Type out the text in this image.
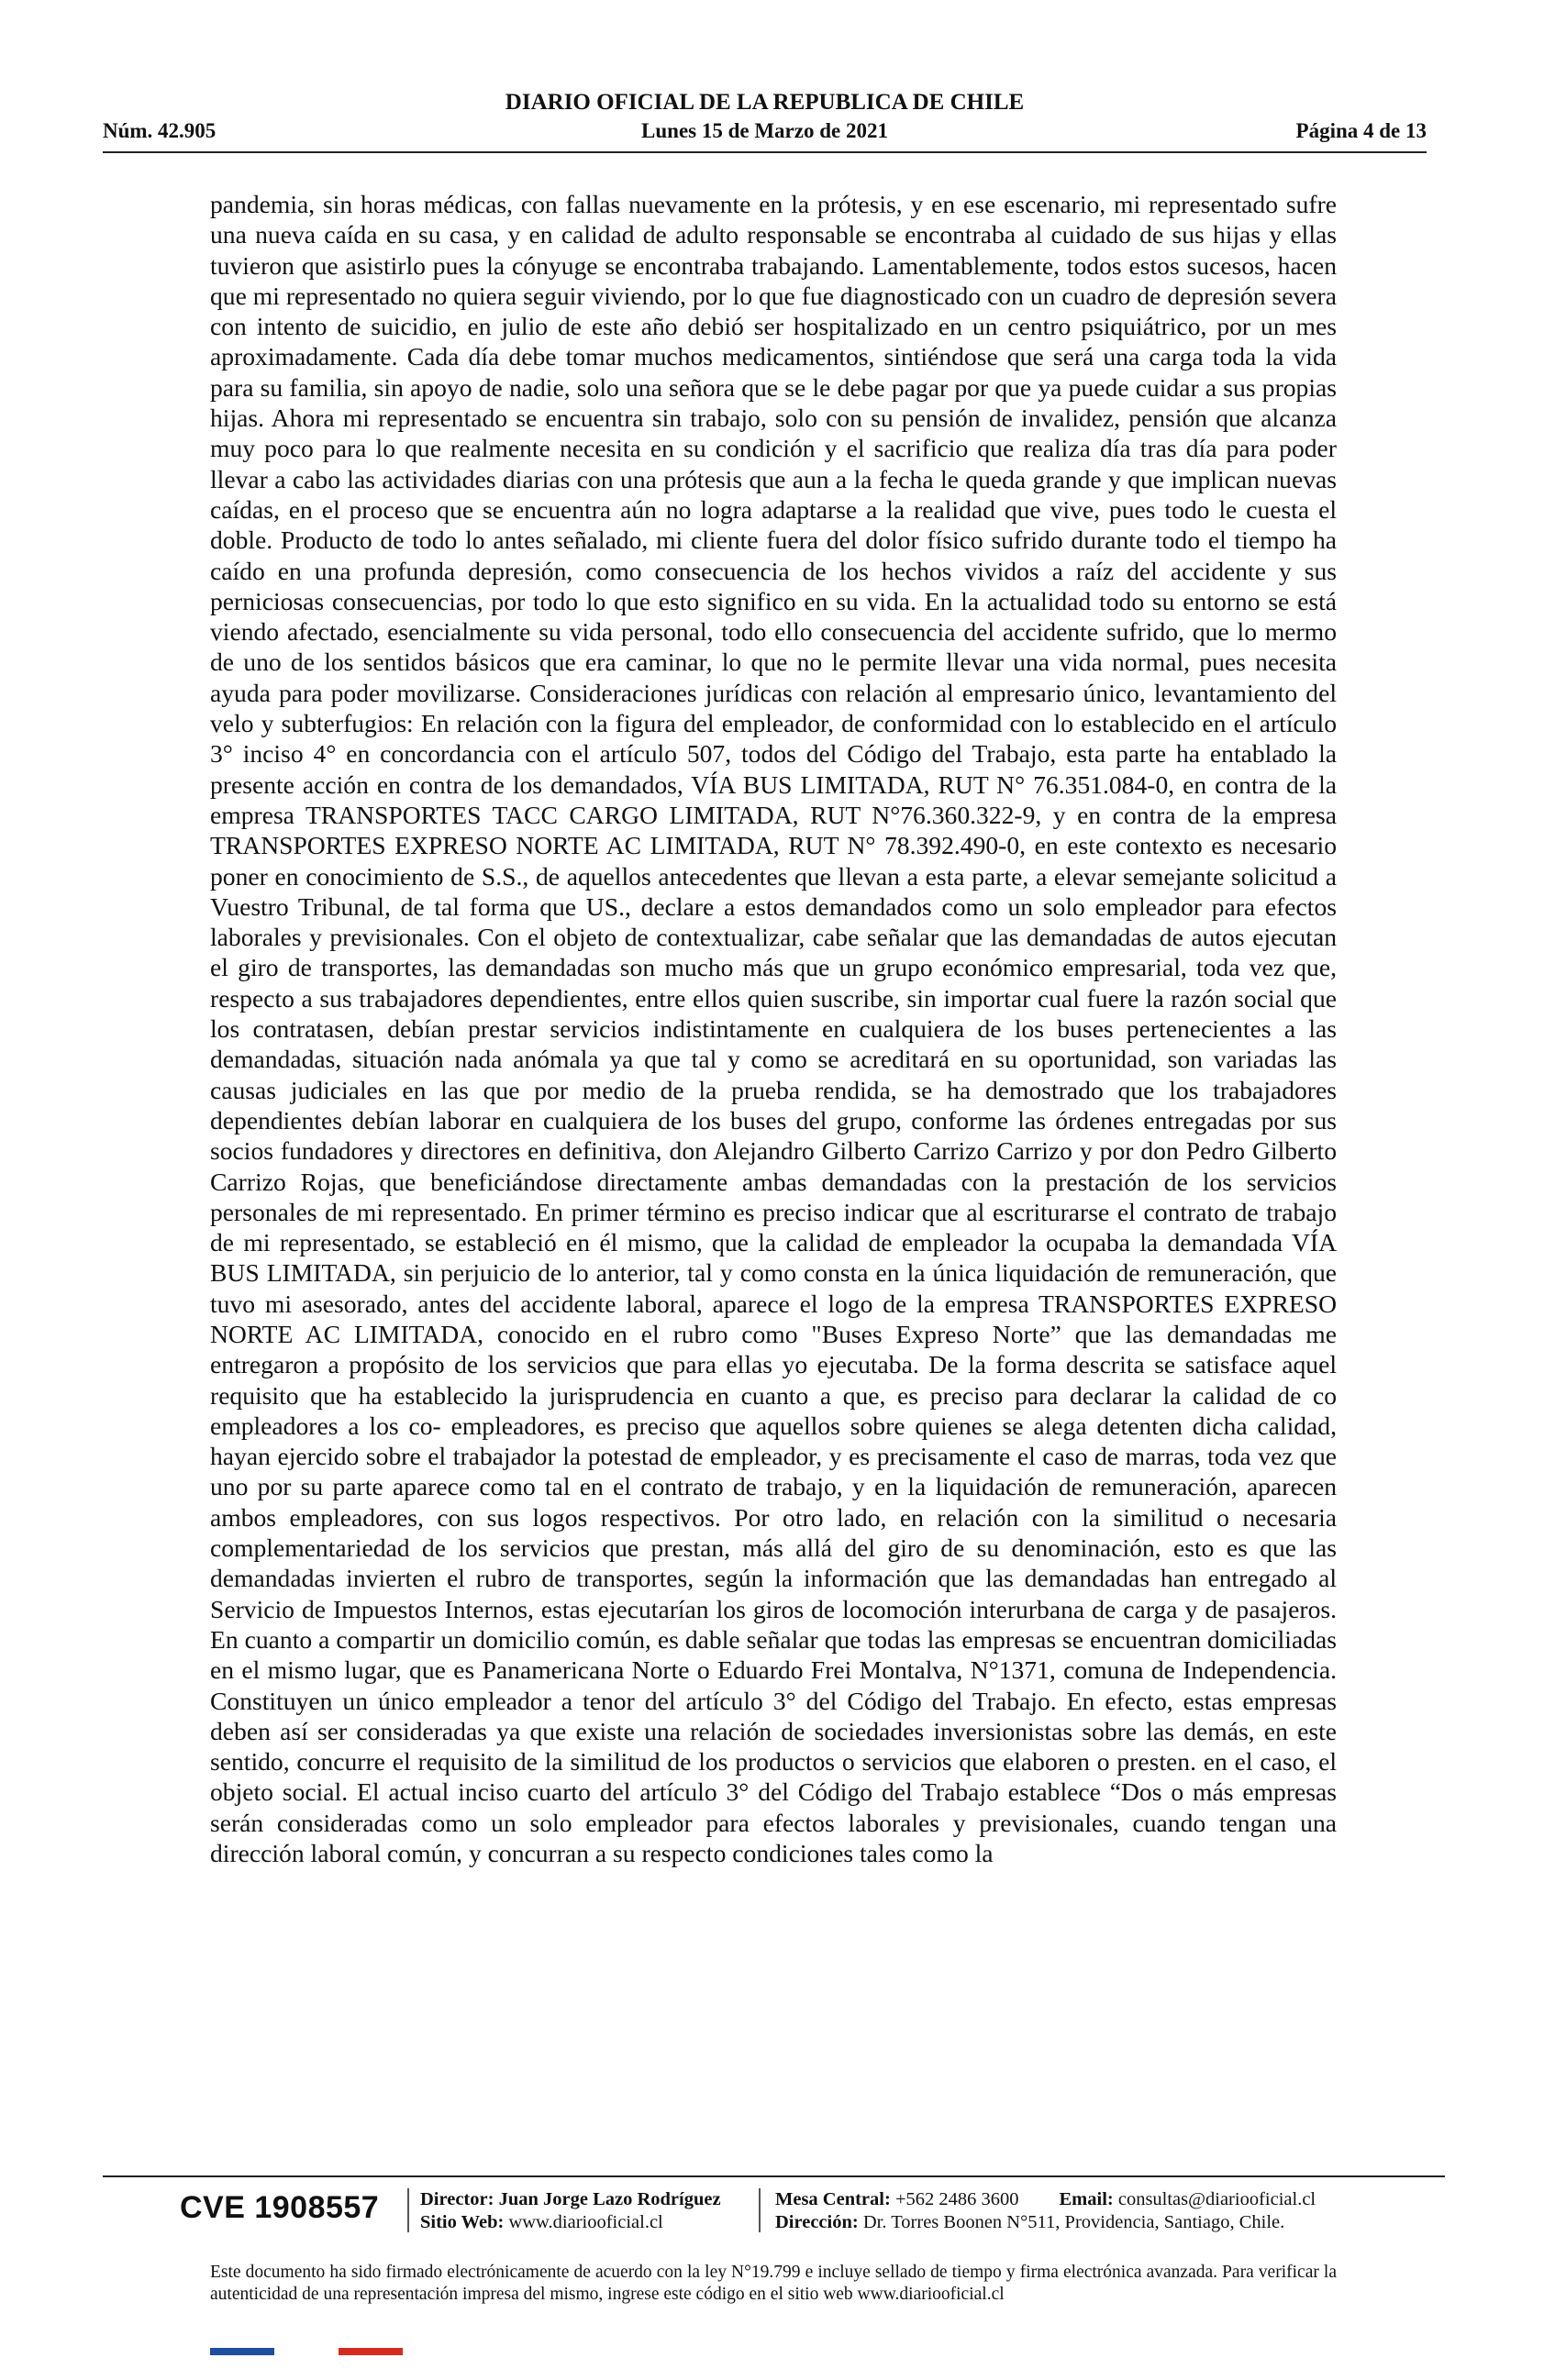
DIARIO OFICIAL DE LA REPUBLICA DE CHILE
Núm. 42.905	Lunes 15 de Marzo de 2021	Página 4 de 13

pandemia, sin horas médicas, con fallas nuevamente en la prótesis, y en ese escenario, mi representado sufre una nueva caída en su casa, y en calidad de adulto responsable se encontraba al cuidado de sus hijas y ellas tuvieron que asistirlo pues la cónyuge se encontraba trabajando. Lamentablemente, todos estos sucesos, hacen que mi representado no quiera seguir viviendo, por lo que fue diagnosticado con un cuadro de depresión severa con intento de suicidio, en julio de este año debió ser hospitalizado en un centro psiquiátrico, por un mes aproximadamente. Cada día debe tomar muchos medicamentos, sintiéndose que será una carga toda la vida para su familia, sin apoyo de nadie, solo una señora que se le debe pagar por que ya puede cuidar a sus propias hijas. Ahora mi representado se encuentra sin trabajo, solo con su pensión de invalidez, pensión que alcanza muy poco para lo que realmente necesita en su condición y el sacrificio que realiza día tras día para poder llevar a cabo las actividades diarias con una prótesis que aun a la fecha le queda grande y que implican nuevas caídas, en el proceso que se encuentra aún no logra adaptarse a la realidad que vive, pues todo le cuesta el doble. Producto de todo lo antes señalado, mi cliente fuera del dolor físico sufrido durante todo el tiempo ha caído en una profunda depresión, como consecuencia de los hechos vividos a raíz del accidente y sus perniciosas consecuencias, por todo lo que esto significo en su vida. En la actualidad todo su entorno se está viendo afectado, esencialmente su vida personal, todo ello consecuencia del accidente sufrido, que lo mermo de uno de los sentidos básicos que era caminar, lo que no le permite llevar una vida normal, pues necesita ayuda para poder movilizarse. Consideraciones jurídicas con relación al empresario único, levantamiento del velo y subterfugios: En relación con la figura del empleador, de conformidad con lo establecido en el artículo 3° inciso 4° en concordancia con el artículo 507, todos del Código del Trabajo, esta parte ha entablado la presente acción en contra de los demandados, VÍA BUS LIMITADA, RUT N° 76.351.084-0, en contra de la empresa TRANSPORTES TACC CARGO LIMITADA, RUT N°76.360.322-9, y en contra de la empresa TRANSPORTES EXPRESO NORTE AC LIMITADA, RUT N° 78.392.490-0, en este contexto es necesario poner en conocimiento de S.S., de aquellos antecedentes que llevan a esta parte, a elevar semejante solicitud a Vuestro Tribunal, de tal forma que US., declare a estos demandados como un solo empleador para efectos laborales y previsionales. Con el objeto de contextualizar, cabe señalar que las demandadas de autos ejecutan el giro de transportes, las demandadas son mucho más que un grupo económico empresarial, toda vez que, respecto a sus trabajadores dependientes, entre ellos quien suscribe, sin importar cual fuere la razón social que los contratasen, debían prestar servicios indistintamente en cualquiera de los buses pertenecientes a las demandadas, situación nada anómala ya que tal y como se acreditará en su oportunidad, son variadas las causas judiciales en las que por medio de la prueba rendida, se ha demostrado que los trabajadores dependientes debían laborar en cualquiera de los buses del grupo, conforme las órdenes entregadas por sus socios fundadores y directores en definitiva, don Alejandro Gilberto Carrizo Carrizo y por don Pedro Gilberto Carrizo Rojas, que beneficiándose directamente ambas demandadas con la prestación de los servicios personales de mi representado. En primer término es preciso indicar que al escriturarse el contrato de trabajo de mi representado, se estableció en él mismo, que la calidad de empleador la ocupaba la demandada VÍA BUS LIMITADA, sin perjuicio de lo anterior, tal y como consta en la única liquidación de remuneración, que tuvo mi asesorado, antes del accidente laboral, aparece el logo de la empresa TRANSPORTES EXPRESO NORTE AC LIMITADA, conocido en el rubro como "Buses Expreso Norte” que las demandadas me entregaron a propósito de los servicios que para ellas yo ejecutaba. De la forma descrita se satisface aquel requisito que ha establecido la jurisprudencia en cuanto a que, es preciso para declarar la calidad de co empleadores a los co- empleadores, es preciso que aquellos sobre quienes se alega detenten dicha calidad, hayan ejercido sobre el trabajador la potestad de empleador, y es precisamente el caso de marras, toda vez que uno por su parte aparece como tal en el contrato de trabajo, y en la liquidación de remuneración, aparecen ambos empleadores, con sus logos respectivos. Por otro lado, en relación con la similitud o necesaria complementariedad de los servicios que prestan, más allá del giro de su denominación, esto es que las demandadas invierten el rubro de transportes, según la información que las demandadas han entregado al Servicio de Impuestos Internos, estas ejecutarían los giros de locomoción interurbana de carga y de pasajeros. En cuanto a compartir un domicilio común, es dable señalar que todas las empresas se encuentran domiciliadas en el mismo lugar, que es Panamericana Norte o Eduardo Frei Montalva, N°1371, comuna de Independencia. Constituyen un único empleador a tenor del artículo 3° del Código del Trabajo. En efecto, estas empresas deben así ser consideradas ya que existe una relación de sociedades inversionistas sobre las demás, en este sentido, concurre el requisito de la similitud de los productos o servicios que elaboren o presten. en el caso, el objeto social. El actual inciso cuarto del artículo 3° del Código del Trabajo establece “Dos o más empresas serán consideradas como un solo empleador para efectos laborales y previsionales, cuando tengan una dirección laboral común, y concurran a su respecto condiciones tales como la

CVE 1908557 Director: Juan Jorge Lazo Rodríguez
Sitio Web: www.diariooficial.cl
Mesa Central: +562 2486 3600 Email: consultas@diariooficial.cl
Dirección: Dr. Torres Boonen N°511, Providencia, Santiago, Chile.
Este documento ha sido firmado electrónicamente de acuerdo con la ley N°19.799 e incluye sellado de tiempo y firma electrónica avanzada. Para verificar la autenticidad de una representación impresa del mismo, ingrese este código en el sitio web www.diariooficial.cl
